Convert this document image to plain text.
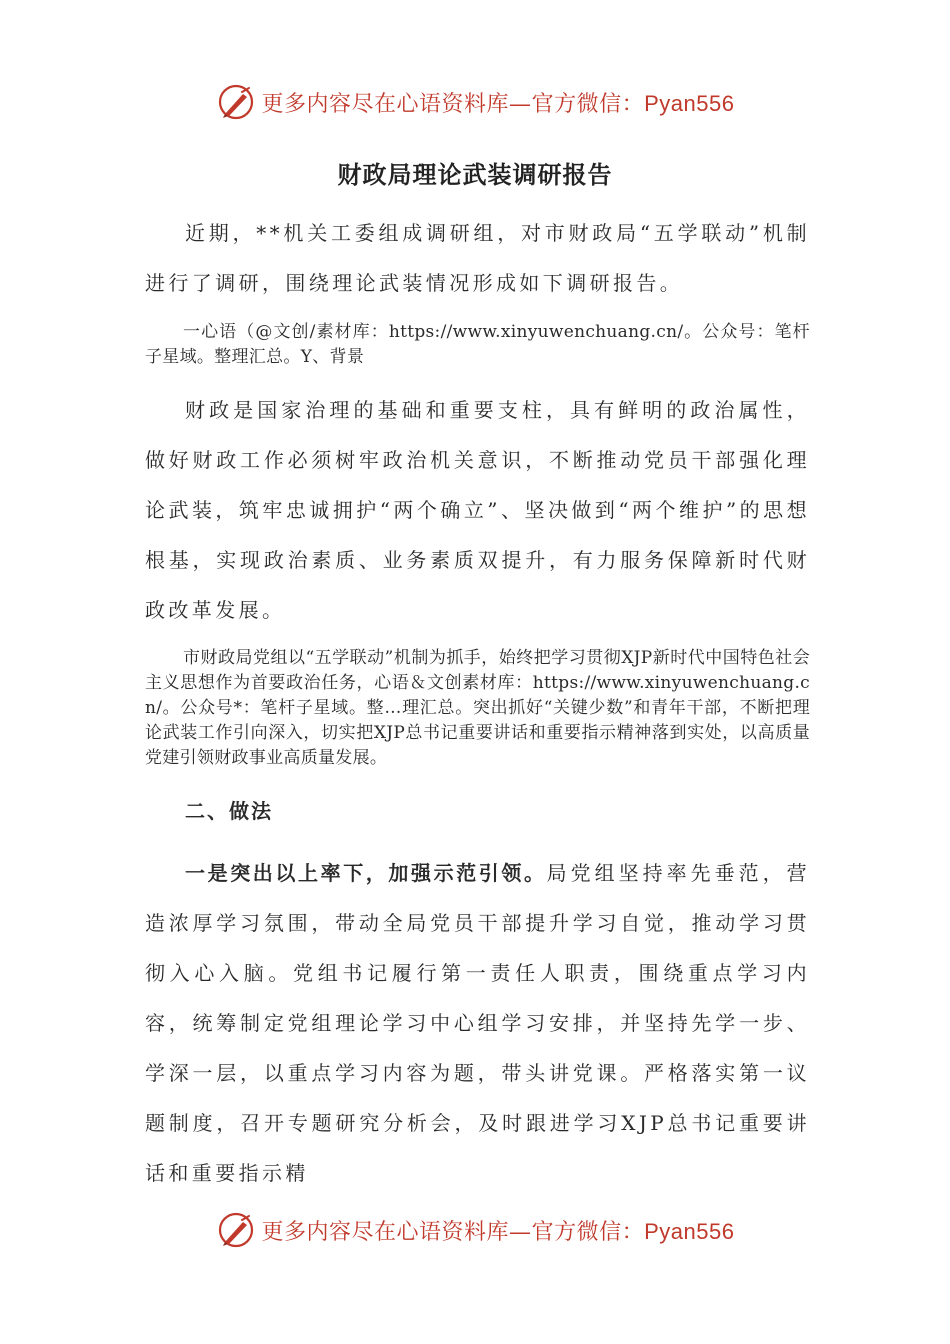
更多内容尽在心语资料库—官方微信：Pyan556
财政局理论武装调研报告

近期，**机关工委组成调研组，对市财政局“五学联动”机制进行了调研，围绕理论武装情况形成如下调研报告。

一心语（@文创/素材库：https://www.xinyuwenchuang.cn/。公众号：笔杆子星域。整理汇总。Y、背景

财政是国家治理的基础和重要支柱，具有鲜明的政治属性，做好财政工作必须树牢政治机关意识，不断推动党员干部强化理论武装，筑牢忠诚拥护“两个确立”、坚决做到“两个维护”的思想根基，实现政治素质、业务素质双提升，有力服务保障新时代财政改革发展。

市财政局党组以“五学联动”机制为抓手，始终把学习贯彻XJP新时代中国特色社会主义思想作为首要政治任务，心语＆文创素材库：https://www.xinyuwenchuang.cn/。公众号*：笔杆子星域。整…理汇总。突出抓好“关键少数”和青年干部，不断把理论武装工作引向深入，切实把XJP总书记重要讲话和重要指示精神落到实处，以高质量党建引领财政事业高质量发展。

二、做法

一是突出以上率下，加强示范引领。局党组坚持率先垂范，营造浓厚学习氛围，带动全局党员干部提升学习自觉，推动学习贯彻入心入脑。党组书记履行第一责任人职责，围绕重点学习内容，统筹制定党组理论学习中心组学习安排，并坚持先学一步、学深一层，以重点学习内容为题，带头讲党课。严格落实第一议题制度，召开专题研究分析会，及时跟进学习XJP总书记重要讲话和重要指示精

更多内容尽在心语资料库—官方微信：Pyan556
